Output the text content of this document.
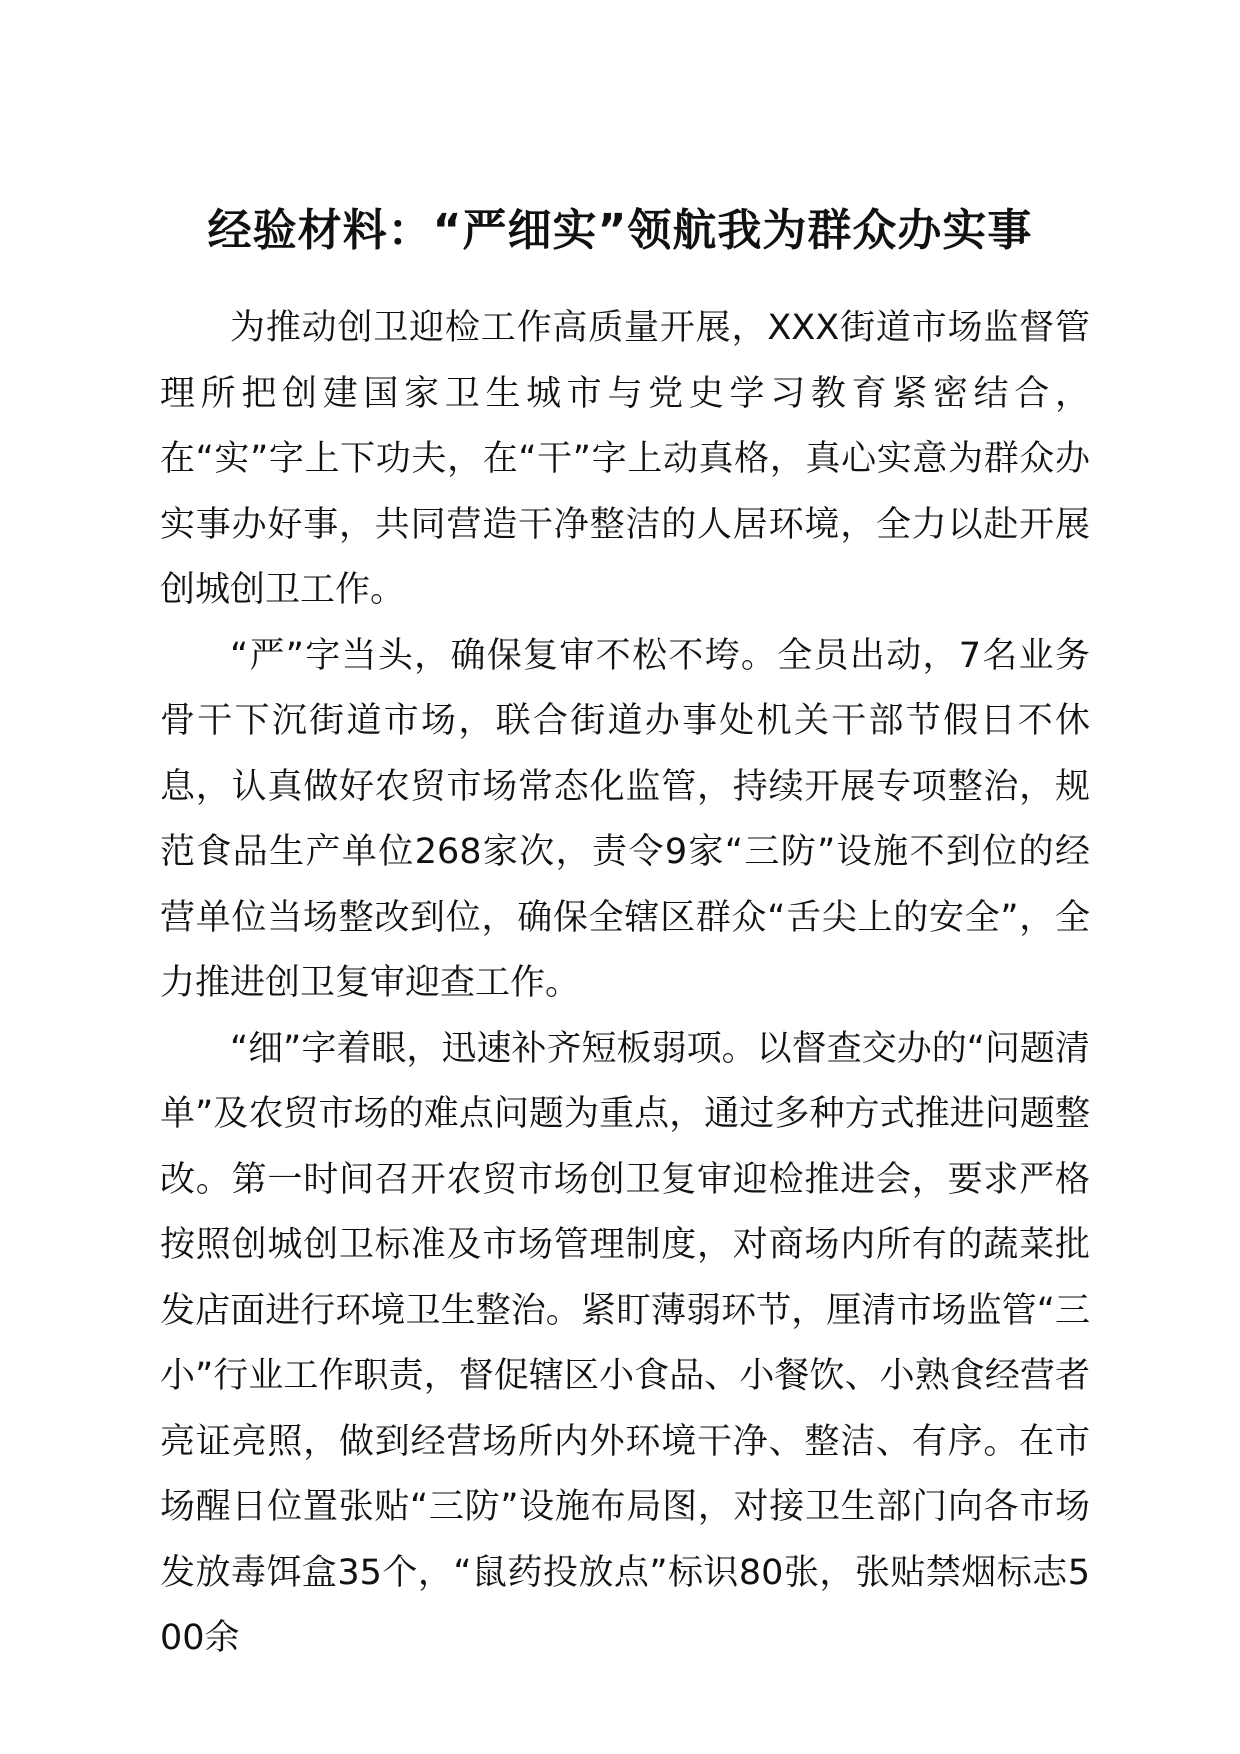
经验材料：“严细实”领航我为群众办实事

为推动创卫迎检工作高质量开展，XXX街道市场监督管理所把创建国家卫生城市与党史学习教育紧密结合，在“实”字上下功夫，在“干”字上动真格，真心实意为群众办实事办好事，共同营造干净整洁的人居环境，全力以赴开展创城创卫工作。

“严”字当头，确保复审不松不垮。全员出动，7名业务骨干下沉街道市场，联合街道办事处机关干部节假日不休息，认真做好农贸市场常态化监管，持续开展专项整治，规范食品生产单位268家次，责令9家“三防”设施不到位的经营单位当场整改到位，确保全辖区群众“舌尖上的安全”，全力推进创卫复审迎查工作。

“细”字着眼，迅速补齐短板弱项。以督查交办的“问题清单”及农贸市场的难点问题为重点，通过多种方式推进问题整改。第一时间召开农贸市场创卫复审迎检推进会，要求严格按照创城创卫标准及市场管理制度，对商场内所有的蔬菜批发店面进行环境卫生整治。紧盯薄弱环节，厘清市场监管“三小”行业工作职责，督促辖区小食品、小餐饮、小熟食经营者亮证亮照，做到经营场所内外环境干净、整洁、有序。在市场醒日位置张贴“三防”设施布局图，对接卫生部门向各市场发放毒饵盒35个，“鼠药投放点”标识80张，张贴禁烟标志500余
